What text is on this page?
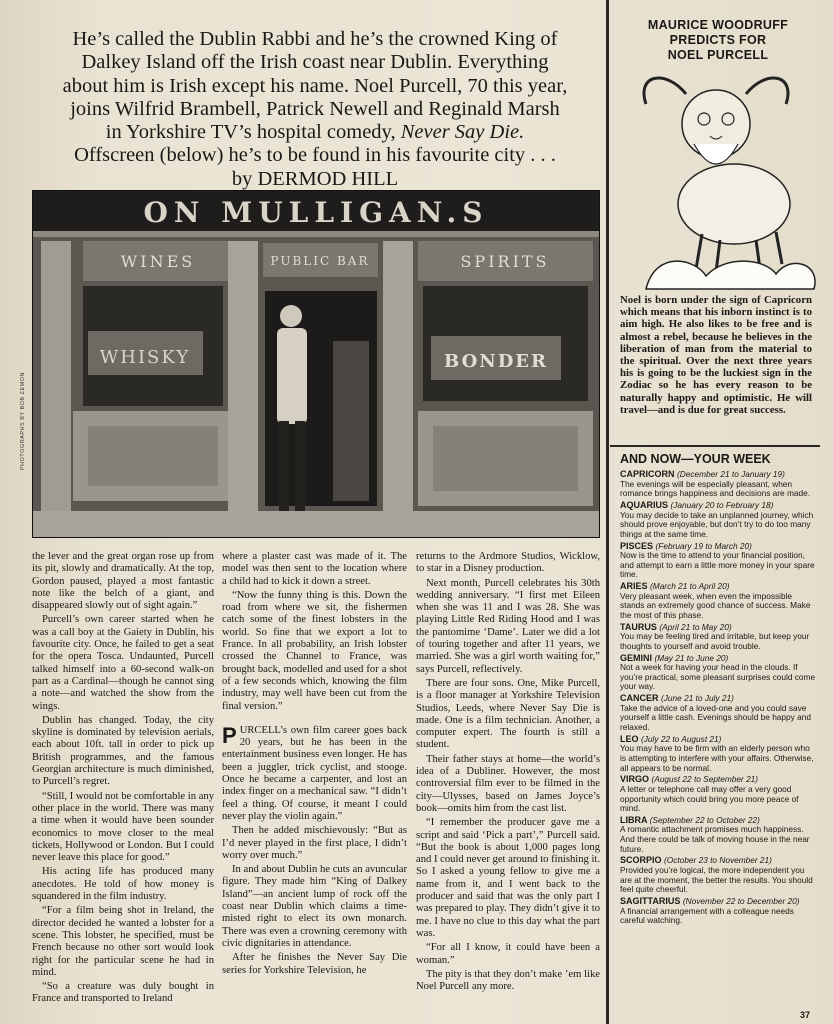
He’s called the Dublin Rabbi and he’s the crowned King of

Dalkey Island off the Irish coast near Dublin. Everything

about him is Irish except his name. Noel Purcell, 70 this year,

joins Wilfrid Brambell, Patrick Newell and Reginald Marsh

in Yorkshire TV’s hospital comedy, Never Say Die.

Offscreen (below) he’s to be found in his favourite city . . .

by DERMOD HILL

ON MULLIGAN.S
WINES
WHISKY
PUBLIC BAR	SPIRITS
BONDER
PHOTOGRAPHS BY BOB ZEMON

the lever and the great organ rose up from its pit, slowly and dramatically. At the top, Gordon paused, played a most fantastic note like the belch of a giant, and disappeared slowly out of sight again.”

Purcell’s own career started when he was a call boy at the Gaiety in Dublin, his favourite city. Once, he failed to get a seat for the opera Tosca. Undaunted, Purcell talked himself into a 60-second walk-on part as a Cardinal—though he cannot sing a note—and watched the show from the wings.

Dublin has changed. Today, the city skyline is dominated by television aerials, each about 10ft. tall in order to pick up British programmes, and the famous Georgian architecture is much diminished, to Purcell’s regret.

“Still, I would not be comfortable in any other place in the world. There was many a time when it would have been sounder economics to move closer to the meal tickets, Hollywood or London. But I could never leave this place for good.”

His acting life has produced many anecdotes. He told of how money is squandered in the film industry.

“For a film being shot in Ireland, the director decided he wanted a lobster for a scene. This lobster, he specified, must be French because no other sort would look right for the particular scene he had in mind.

“So a creature was duly bought in France and transported to Ireland

where a plaster cast was made of it. The model was then sent to the location where a child had to kick it down a street.

“Now the funny thing is this. Down the road from where we sit, the fishermen catch some of the finest lobsters in the world. So fine that we export a lot to France. In all probability, an Irish lobster crossed the Channel to France, was brought back, modelled and used for a shot of a few seconds which, knowing the film industry, may well have been cut from the final version.”

PURCELL’s own film career goes back 20 years, but he has been in the entertainment business even longer. He has been a juggler, trick cyclist, and stooge. Once he became a carpenter, and lost an index finger on a mechanical saw. “I didn’t feel a thing. Of course, it meant I could never play the violin again.”

Then he added mischievously: “But as I’d never played in the first place, I didn’t worry over much.”

In and about Dublin he cuts an avuncular figure. They made him “King of Dalkey Island”—an ancient lump of rock off the coast near Dublin which claims a time-misted right to elect its own monarch. There was even a crowning ceremony with civic dignitaries in attendance.

After he finishes the Never Say Die series for Yorkshire Television, he

returns to the Ardmore Studios, Wicklow, to star in a Disney production.

Next month, Purcell celebrates his 30th wedding anniversary. “I first met Eileen when she was 11 and I was 28. She was playing Little Red Riding Hood and I was the pantomime ‘Dame’. Later we did a lot of touring together and after 11 years, we married. She was a girl worth waiting for,” says Purcell, reflectively.

There are four sons. One, Mike Purcell, is a floor manager at Yorkshire Television Studios, Leeds, where Never Say Die is made. One is a film technician. Another, a computer expert. The fourth is still a student.

Their father stays at home—the world’s idea of a Dubliner. However, the most controversial film ever to be filmed in the city—Ulysses, based on James Joyce’s book—omits him from the cast list.

“I remember the producer gave me a script and said ‘Pick a part’,” Purcell said. “But the book is about 1,000 pages long and I could never get around to finishing it. So I asked a young fellow to give me a name from it, and I went back to the producer and said that was the only part I was prepared to play. They didn’t give it to me. I have no clue to this day what the part was.

“For all I know, it could have been a woman.”

The pity is that they don’t make ’em like Noel Purcell any more.

MAURICE WOODRUFF
PREDICTS FOR
NOEL PURCELL
Noel is born under the sign of Capricorn which means that his inborn instinct is to aim high. He also likes to be free and is almost a rebel, because he believes in the liberation of man from the material to the spiritual. Over the next three years his is going to be the luckiest sign in the Zodiac so he has every reason to be naturally happy and optimistic. He will travel—and is due for great success.
AND NOW—YOUR WEEK
CAPRICORN (December 21 to January 19)
The evenings will be especially pleasant, when romance brings happiness and decisions are made.
AQUARIUS (January 20 to February 18)
You may decide to take an unplanned journey, which should prove enjoyable, but don’t try to do too many things at the same time.
PISCES (February 19 to March 20)
Now is the time to attend to your financial position, and attempt to earn a little more money in your spare time.
ARIES (March 21 to April 20)
Very pleasant week, when even the impossible stands an extremely good chance of success. Make the most of this phase.
TAURUS (April 21 to May 20)
You may be feeling tired and irritable, but keep your thoughts to yourself and avoid trouble.
GEMINI (May 21 to June 20)
Not a week for having your head in the clouds. If you’re practical, some pleasant surprises could come your way.
CANCER (June 21 to July 21)
Take the advice of a loved-one and you could save yourself a little cash. Evenings should be happy and relaxed.
LEO (July 22 to August 21)
You may have to be firm with an elderly person who is attempting to interfere with your affairs. Otherwise, all appears to be normal.
VIRGO (August 22 to September 21)
A letter or telephone call may offer a very good opportunity which could bring you more peace of mind.
LIBRA (September 22 to October 22)
A romantic attachment promises much happiness. And there could be talk of moving house in the near future.
SCORPIO (October 23 to November 21)
Provided you’re logical, the more independent you are at the moment, the better the results. You should feel quite cheerful.
SAGITTARIUS (November 22 to December 20)
A financial arrangement with a colleague needs careful watching.
37
